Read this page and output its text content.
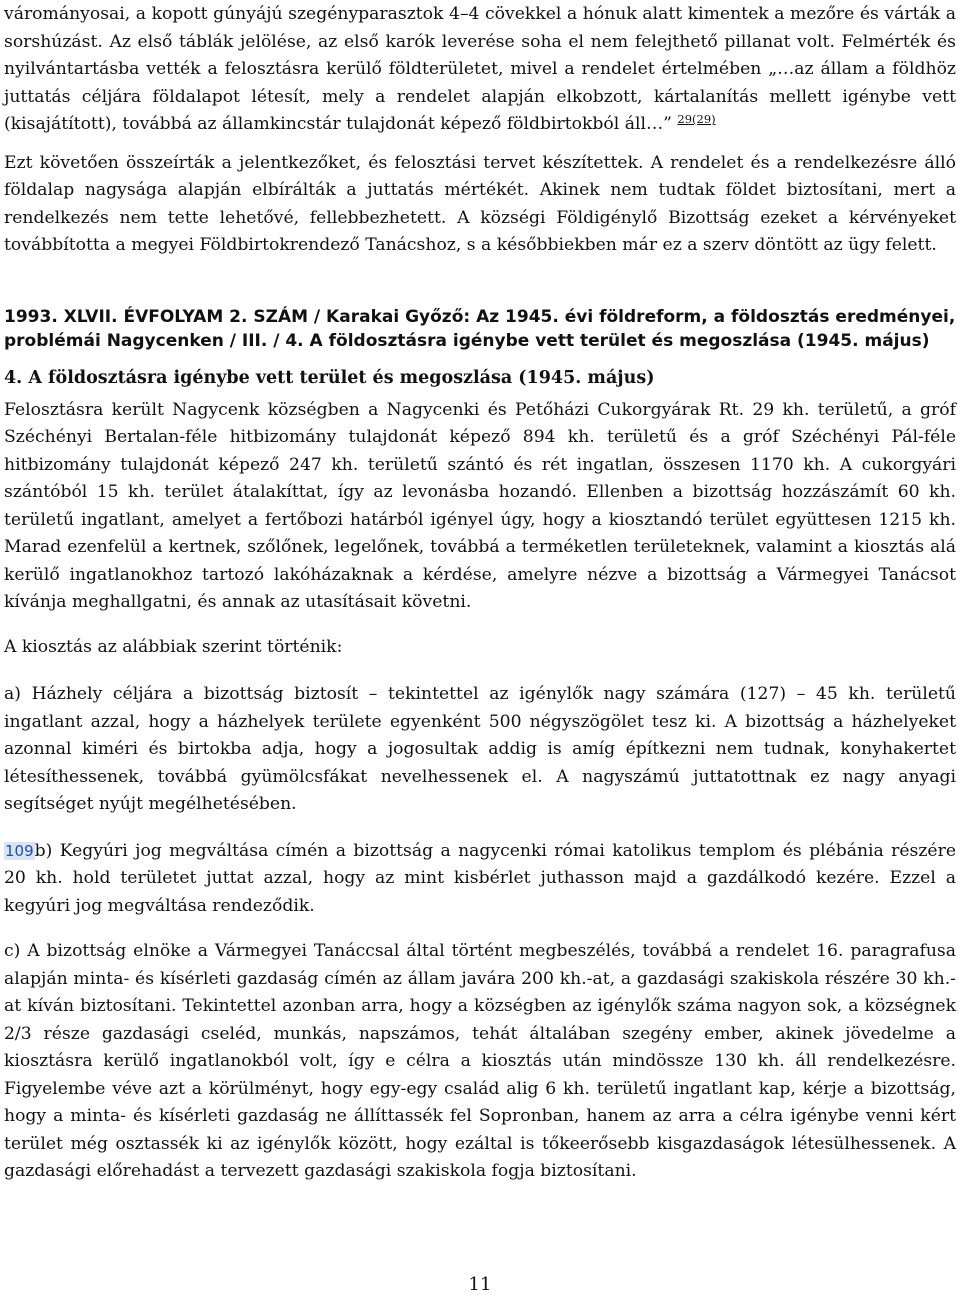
várományosai, a kopott gúnyájú szegényparasztok 4–4 cövekkel a hónuk alatt kimentek a mezőre és várták a sorshúzást. Az első táblák jelölése, az első karók leverése soha el nem felejthető pillanat volt. Felmérték és nyilvántartásba vették a felosztásra kerülő földterületet, mivel a rendelet értelmében „…az állam a földhöz juttatás céljára földalapot létesít, mely a rendelet alapján elkobzott, kártalanítás mellett igénybe vett (kisajátított), továbbá az államkincstár tulajdonát képező földbirtokból áll…” $^{29(29)}$

Ezt követően összeírták a jelentkezőket, és felosztási tervet készítettek. A rendelet és a rendelkezésre álló földalap nagysága alapján elbírálták a juttatás mértékét. Akinek nem tudtak földet biztosítani, mert a rendelkezés nem tette lehetővé, fellebbezhetett. A községi Földigénylő Bizottság ezeket a kérvényeket továbbította a megyei Földbirtokrendező Tanácshoz, s a későbbiekben már ez a szerv döntött az ügy felett.

1993. XLVII. ÉVFOLYAM 2. SZÁM / Karakai Győző: Az 1945. évi földreform, a földosztás eredményei, problémái Nagycenken / III. / 4. A földosztásra igénybe vett terület és megoszlása (1945. május)

4. A földosztásra igénybe vett terület és megoszlása (1945. május)

Felosztásra került Nagycenk községben a Nagycenki és Petőházi Cukorgyárak Rt. 29 kh. területű, a gróf Széchényi Bertalan-féle hitbizomány tulajdonát képező 894 kh. területű és a gróf Széchényi Pál-féle hitbizomány tulajdonát képező 247 kh. területű szántó és rét ingatlan, összesen 1170 kh. A cukorgyári szántóból 15 kh. terület átalakíttat, így az levonásba hozandó. Ellenben a bizottság hozzászámít 60 kh. területű ingatlant, amelyet a fertőbozi határból igényel úgy, hogy a kiosztandó terület együttesen 1215 kh. Marad ezenfelül a kertnek, szőlőnek, legelőnek, továbbá a terméketlen területeknek, valamint a kiosztás alá kerülő ingatlanokhoz tartozó lakóházaknak a kérdése, amelyre nézve a bizottság a Vármegyei Tanácsot kívánja meghallgatni, és annak az utasításait követni.

A kiosztás az alábbiak szerint történik:

a) Házhely céljára a bizottság biztosít – tekintettel az igénylők nagy számára (127) – 45 kh. területű ingatlant azzal, hogy a házhelyek területe egyenként 500 négyszögölet tesz ki. A bizottság a házhelyeket azonnal kiméri és birtokba adja, hogy a jogosultak addig is amíg építkezni nem tudnak, konyhakertet létesíthessenek, továbbá gyümölcsfákat nevelhessenek el. A nagyszámú juttatottnak ez nagy anyagi segítséget nyújt megélhetésében.

109b) Kegyúri jog megváltása címén a bizottság a nagycenki római katolikus templom és plébánia részére 20 kh. hold területet juttat azzal, hogy az mint kisbérlet juthasson majd a gazdálkodó kezére. Ezzel a kegyúri jog megváltása rendeződik.

c) A bizottság elnöke a Vármegyei Tanáccsal által történt megbeszélés, továbbá a rendelet 16. paragrafusa alapján minta- és kísérleti gazdaság címén az állam javára 200 kh.-at, a gazdasági szakiskola részére 30 kh.-at kíván biztosítani. Tekintettel azonban arra, hogy a községben az igénylők száma nagyon sok, a községnek 2/3 része gazdasági cseléd, munkás, napszámos, tehát általában szegény ember, akinek jövedelme a kiosztásra kerülő ingatlanokból volt, így e célra a kiosztás után mindössze 130 kh. áll rendelkezésre. Figyelembe véve azt a körülményt, hogy egy-egy család alig 6 kh. területű ingatlant kap, kérje a bizottság, hogy a minta- és kísérleti gazdaság ne állíttassék fel Sopronban, hanem az arra a célra igénybe venni kért terület még osztassék ki az igénylők között, hogy ezáltal is tőkeerősebb kisgazdaságok létesülhessenek. A gazdasági előrehadást a tervezett gazdasági szakiskola fogja biztosítani.

11
